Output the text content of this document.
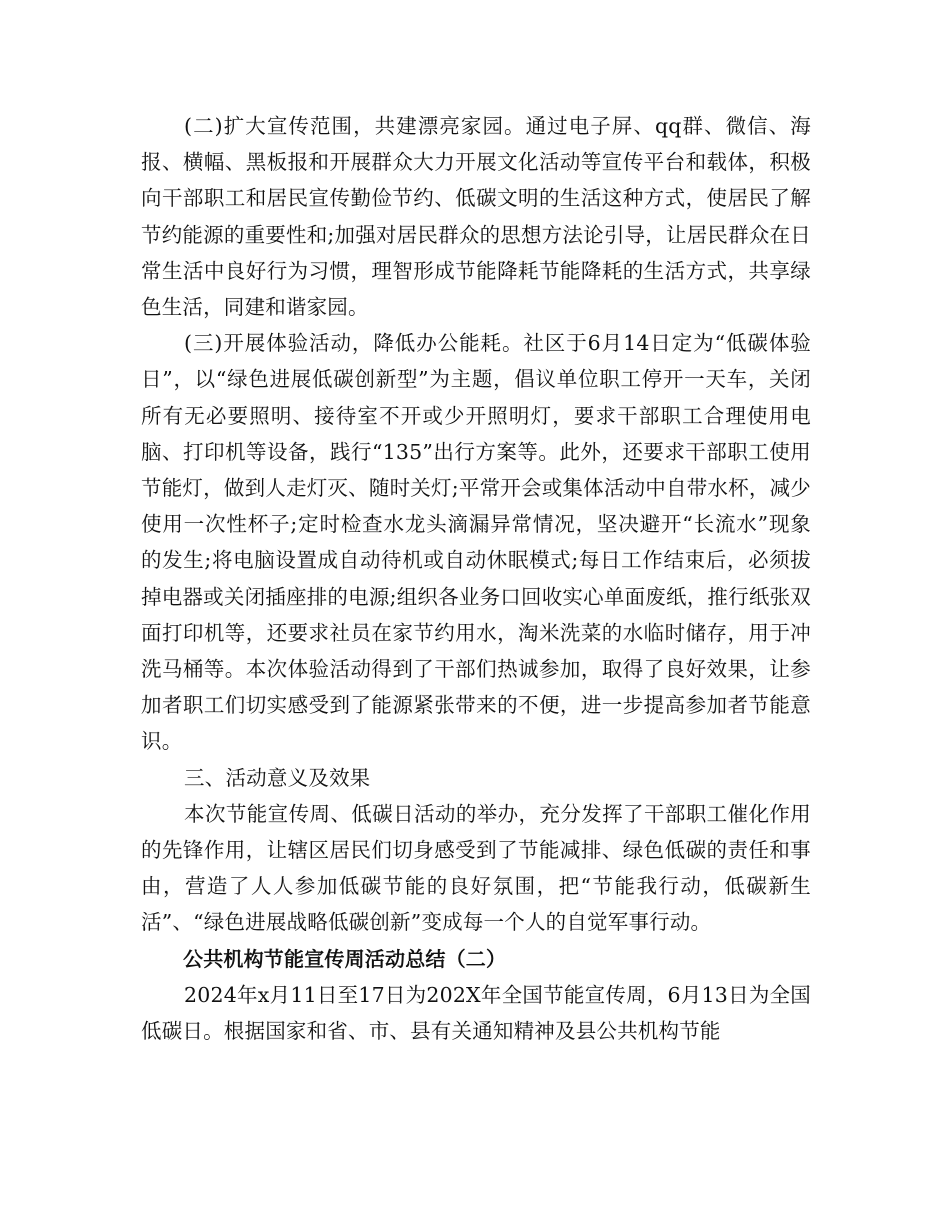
(二)扩大宣传范围，共建漂亮家园。通过电子屏、qq群、微信、海报、横幅、黑板报和开展群众大力开展文化活动等宣传平台和载体，积极向干部职工和居民宣传勤俭节约、低碳文明的生活这种方式，使居民了解节约能源的重要性和;加强对居民群众的思想方法论引导，让居民群众在日常生活中良好行为习惯，理智形成节能降耗节能降耗的生活方式，共享绿色生活，同建和谐家园。

(三)开展体验活动，降低办公能耗。社区于6月14日定为“低碳体验日”，以“绿色进展低碳创新型”为主题，倡议单位职工停开一天车，关闭所有无必要照明、接待室不开或少开照明灯，要求干部职工合理使用电脑、打印机等设备，践行“135”出行方案等。此外，还要求干部职工使用节能灯，做到人走灯灭、随时关灯;平常开会或集体活动中自带水杯，减少使用一次性杯子;定时检查水龙头滴漏异常情况，坚决避开“长流水”现象的发生;将电脑设置成自动待机或自动休眠模式;每日工作结束后，必须拔掉电器或关闭插座排的电源;组织各业务口回收实心单面废纸，推行纸张双面打印机等，还要求社员在家节约用水，淘米洗菜的水临时储存，用于冲洗马桶等。本次体验活动得到了干部们热诚参加，取得了良好效果，让参加者职工们切实感受到了能源紧张带来的不便，进一步提高参加者节能意识。

三、活动意义及效果

本次节能宣传周、低碳日活动的举办，充分发挥了干部职工催化作用的先锋作用，让辖区居民们切身感受到了节能减排、绿色低碳的责任和事由，营造了人人参加低碳节能的良好氛围，把“节能我行动，低碳新生活”、“绿色进展战略低碳创新”变成每一个人的自觉军事行动。

公共机构节能宣传周活动总结（二）

2024年x月11日至17日为202X年全国节能宣传周，6月13日为全国低碳日。根据国家和省、市、县有关通知精神及县公共机构节能
